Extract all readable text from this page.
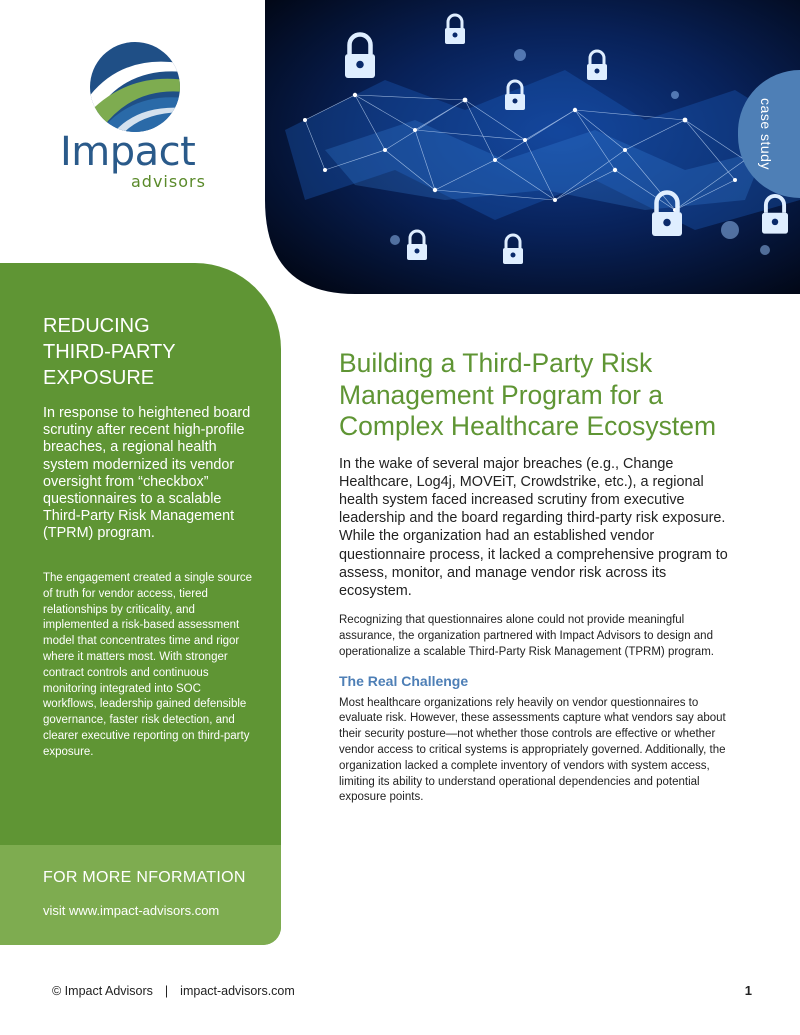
Impact
advisors
case study
REDUCING
THIRD-PARTY
EXPOSURE

In response to heightened board scrutiny after recent high-profile breaches, a regional health system modernized its vendor oversight from “checkbox” questionnaires to a scalable Third-Party Risk Management (TPRM) program.

The engagement created a single source of truth for vendor access, tiered relationships by criticality, and implemented a risk-based assessment model that concentrates time and rigor where it matters most. With stronger contract controls and continuous monitoring integrated into SOC workflows, leadership gained defensible governance, faster risk detection, and clearer executive reporting on third-party exposure.

FOR MORE NFORMATION
visit www.impact-advisors.com
Building a Third-Party Risk Management Program for a Complex Healthcare Ecosystem

In the wake of several major breaches (e.g., Change Healthcare, Log4j, MOVEiT, Crowdstrike, etc.), a regional health system faced increased scrutiny from executive leadership and the board regarding third-party risk exposure. While the organization had an established vendor questionnaire process, it lacked a comprehensive program to assess, monitor, and manage vendor risk across its ecosystem.

Recognizing that questionnaires alone could not provide meaningful assurance, the organization partnered with Impact Advisors to design and operationalize a scalable Third-Party Risk Management (TPRM) program.

The Real Challenge

Most healthcare organizations rely heavily on vendor questionnaires to evaluate risk. However, these assessments capture what vendors say about their security posture—not whether those controls are effective or whether vendor access to critical systems is appropriately governed. Additionally, the organization lacked a complete inventory of vendors with system access, limiting its ability to understand operational dependencies and potential exposure points.

© Impact Advisors | impact-advisors.com	1
